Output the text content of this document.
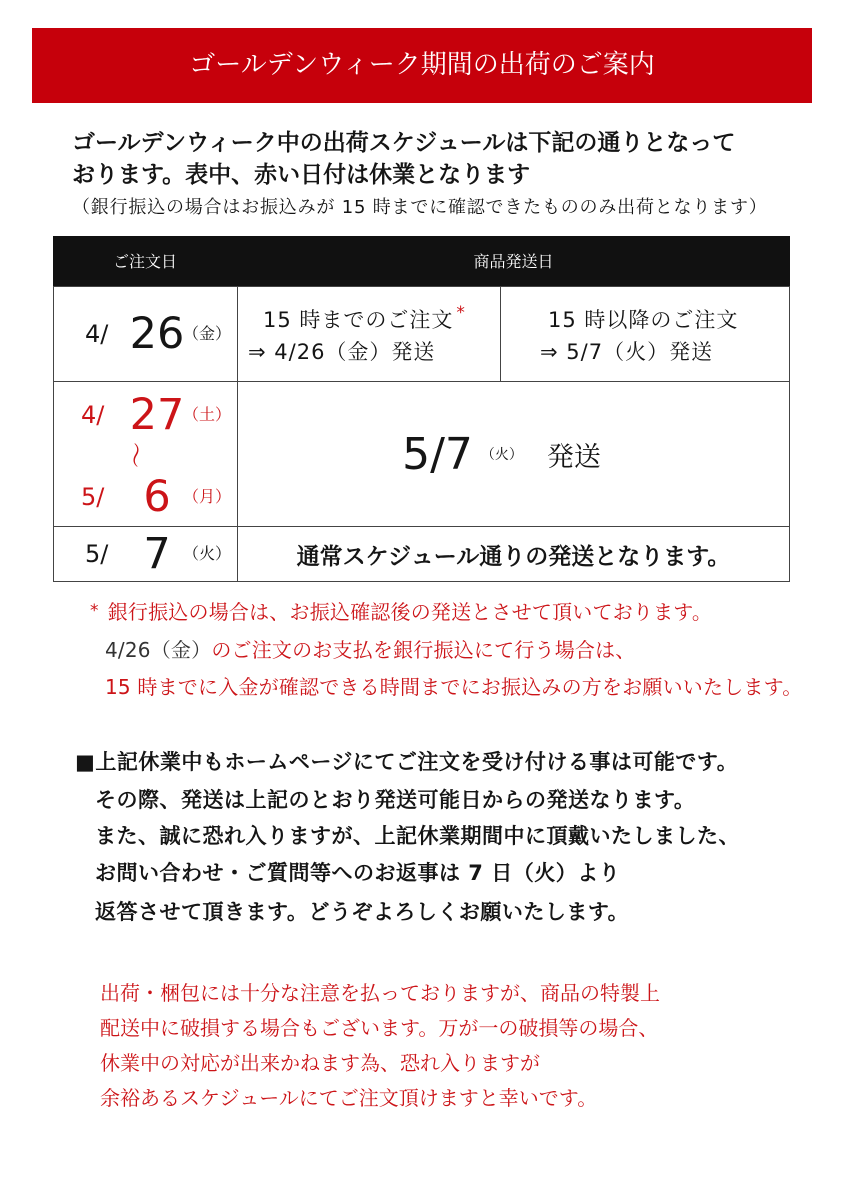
ゴールデンウィーク期間の出荷のご案内
ゴールデンウィーク中の出荷スケジュールは下記の通りとなって
おります。表中、赤い日付は休業となります
（銀行振込の場合はお振込みが 15 時までに確認できたもののみ出荷となります）
ご注文日	商品発送日
4/ 26
（金）
15 時までのご注文 *
⇒ 4/26（金）発送
15 時以降のご注文
⇒ 5/7（火）発送
4/ 27
（土）
〜
5/ 6 （月）
5/7 （火） 発送
5/ 7 （火）	通常スケジュール通りの発送となります。
* 銀行振込の場合は、お振込確認後の発送とさせて頂いております。
4/26（金）のご注文のお支払を銀行振込にて行う場合は、
15 時までに入金が確認できる時間までにお振込みの方をお願いいたします。
■上記休業中もホームページにてご注文を受け付ける事は可能です。
その際、発送は上記のとおり発送可能日からの発送なります。
また、誠に恐れ入りますが、上記休業期間中に頂戴いたしました、
お問い合わせ・ご質問等へのお返事は 7 日（火）より
返答させて頂きます。どうぞよろしくお願いたします。
出荷・梱包には十分な注意を払っておりますが、商品の特製上
配送中に破損する場合もございます。万が一の破損等の場合、
休業中の対応が出来かねます為、恐れ入りますが
余裕あるスケジュールにてご注文頂けますと幸いです。
